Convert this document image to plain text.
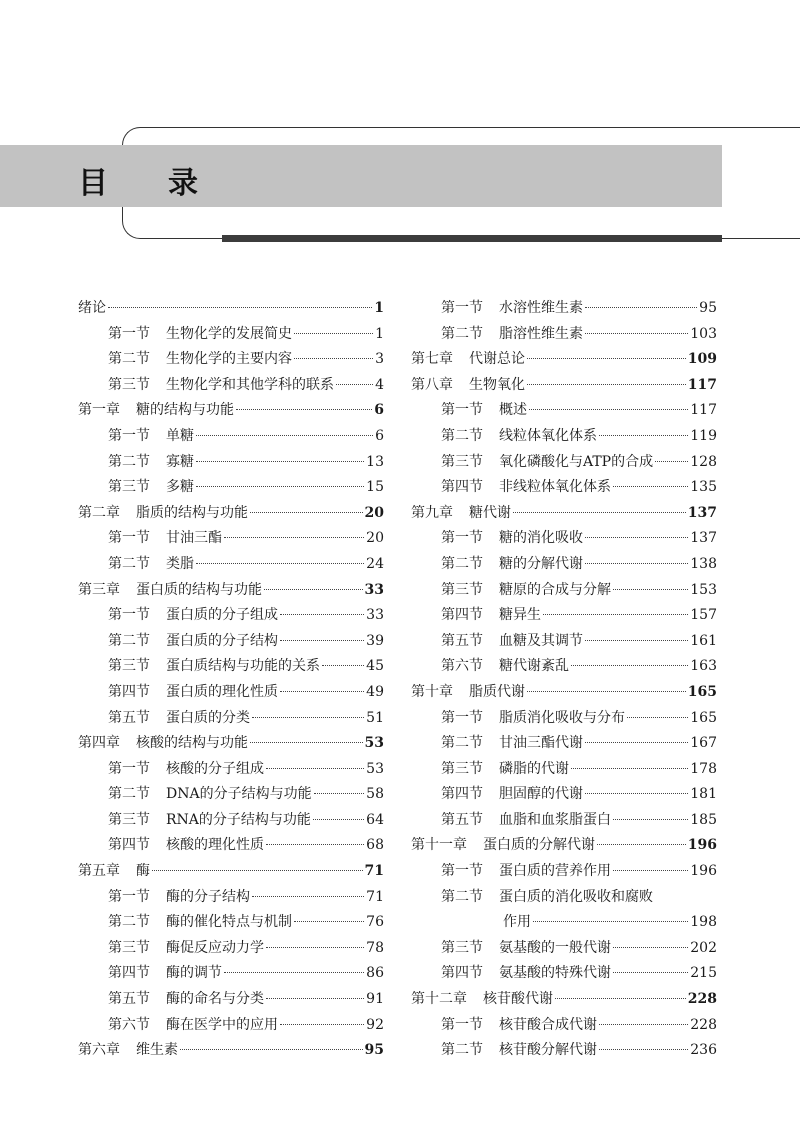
目 录
绪论	1
第一节 生物化学的发展简史	1
第二节 生物化学的主要内容	3
第三节 生物化学和其他学科的联系	4
第一章 糖的结构与功能	6
第一节 单糖	6
第二节 寡糖	13
第三节 多糖	15
第二章 脂质的结构与功能	20
第一节 甘油三酯	20
第二节 类脂	24
第三章 蛋白质的结构与功能	33
第一节 蛋白质的分子组成	33
第二节 蛋白质的分子结构	39
第三节 蛋白质结构与功能的关系	45
第四节 蛋白质的理化性质	49
第五节 蛋白质的分类	51
第四章 核酸的结构与功能	53
第一节 核酸的分子组成	53
第二节 DNA的分子结构与功能	58
第三节 RNA的分子结构与功能	64
第四节 核酸的理化性质	68
第五章 酶	71
第一节 酶的分子结构	71
第二节 酶的催化特点与机制	76
第三节 酶促反应动力学	78
第四节 酶的调节	86
第五节 酶的命名与分类	91
第六节 酶在医学中的应用	92
第六章 维生素	95
第一节 水溶性维生素	95
第二节 脂溶性维生素	103
第七章 代谢总论	109
第八章 生物氧化	117
第一节 概述	117
第二节 线粒体氧化体系	119
第三节 氧化磷酸化与ATP的合成	128
第四节 非线粒体氧化体系	135
第九章 糖代谢	137
第一节 糖的消化吸收	137
第二节 糖的分解代谢	138
第三节 糖原的合成与分解	153
第四节 糖异生	157
第五节 血糖及其调节	161
第六节 糖代谢紊乱	163
第十章 脂质代谢	165
第一节 脂质消化吸收与分布	165
第二节 甘油三酯代谢	167
第三节 磷脂的代谢	178
第四节 胆固醇的代谢	181
第五节 血脂和血浆脂蛋白	185
第十一章 蛋白质的分解代谢	196
第一节 蛋白质的营养作用	196
第二节 蛋白质的消化吸收和腐败
作用	198
第三节 氨基酸的一般代谢	202
第四节 氨基酸的特殊代谢	215
第十二章 核苷酸代谢	228
第一节 核苷酸合成代谢	228
第二节 核苷酸分解代谢	236
